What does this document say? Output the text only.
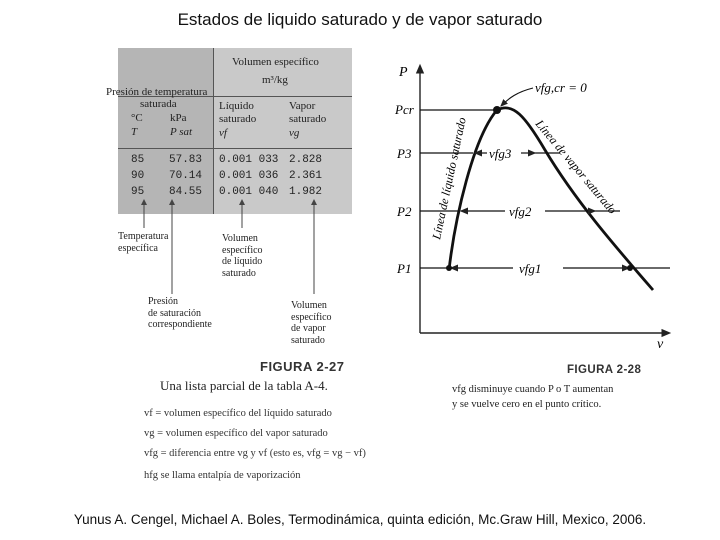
Estados de liquido saturado y de vapor saturado
Volumen específico
m³/kg
Presión de temperatura
saturada
°C
T
kPa
P sat
Líquido
saturado
vf
Vapor
saturado
vg
85 57.83 0.001 033 2.828
90 70.14 0.001 036 2.361
95 84.55 0.001 040 1.982
Temperatura
específica
Volumen
específico
de líquido
saturado
Presión
de saturación
correspondiente
Volumen
específico
de vapor
saturado
FIGURA 2-27
Una lista parcial de la tabla A-4.
vf = volumen específico del líquido saturado
vg = volumen específico del vapor saturado
vfg = diferencia entre vg y vf (esto es, vfg = vg − vf)
hfg se llama entalpía de vaporización
P
v
Pcr
P3
P2
P1
vfg3
vfg2
vfg1
vfg,cr = 0
Línea de líquido saturado	Línea de vapor saturado
FIGURA 2-28
vfg disminuye cuando P o T aumentan
y se vuelve cero en el punto crítico.
Yunus A. Cengel, Michael A. Boles, Termodinámica, quinta edición, Mc.Graw Hill, Mexico, 2006.
